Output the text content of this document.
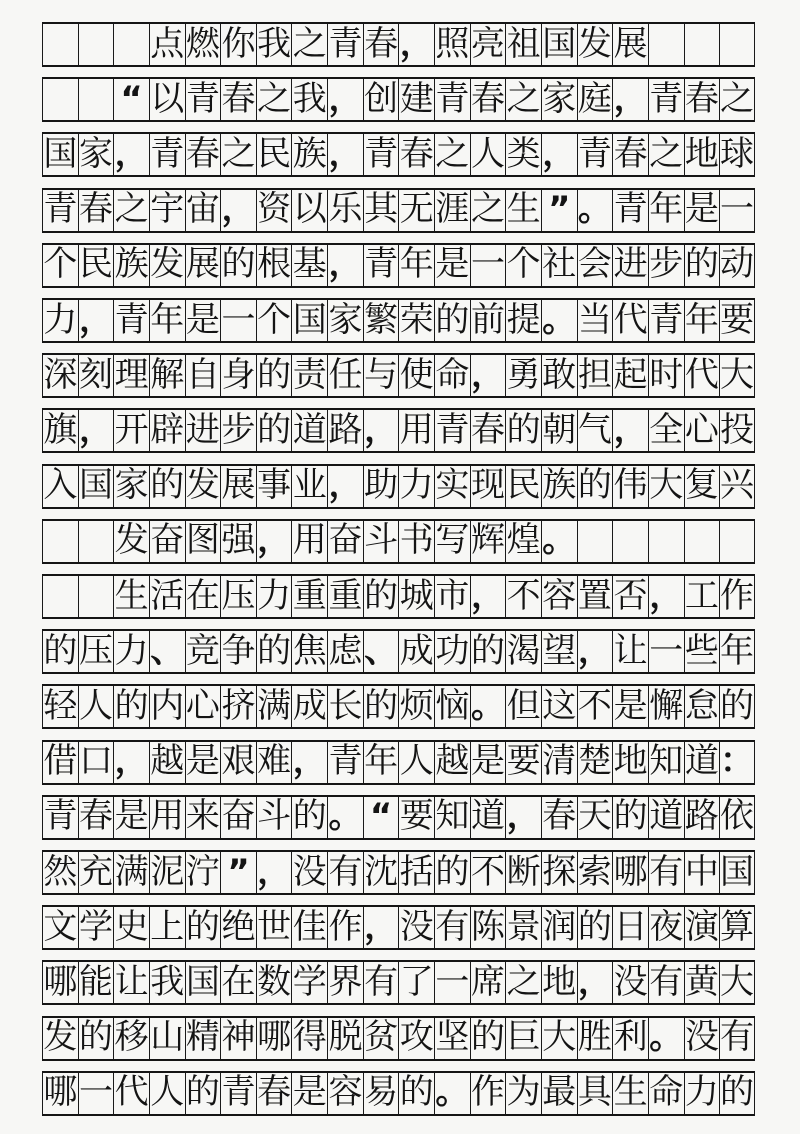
点 燃 你 我 之 青 春 ， 照 亮 祖 国 发 展
“ 以 青 春 之 我 ， 创 建 青 春 之 家 庭 ， 青 春 之
国 家 ， 青 春 之 民 族 ， 青 春 之 人 类 ， 青 春 之 地 球
青 春 之 宇 宙 ， 资 以 乐 其 无 涯 之 生 ” 。 青 年 是 一
个 民 族 发 展 的 根 基 ， 青 年 是 一 个 社 会 进 步 的 动
力 ， 青 年 是 一 个 国 家 繁 荣 的 前 提 。 当 代 青 年 要
深 刻 理 解 自 身 的 责 任 与 使 命 ， 勇 敢 担 起 时 代 大
旗 ， 开 辟 进 步 的 道 路 ， 用 青 春 的 朝 气 ， 全 心 投
入 国 家 的 发 展 事 业 ， 助 力 实 现 民 族 的 伟 大 复 兴
发 奋 图 强 ， 用 奋 斗 书 写 辉 煌 。
生 活 在 压 力 重 重 的 城 市 ， 不 容 置 否 ， 工 作
的 压 力 、 竞 争 的 焦 虑 、 成 功 的 渴 望 ， 让 一 些 年
轻 人 的 内 心 挤 满 成 长 的 烦 恼 。 但 这 不 是 懈 怠 的
借 口 ， 越 是 艰 难 ， 青 年 人 越 是 要 清 楚 地 知 道 ：
青 春 是 用 来 奋 斗 的 。 “ 要 知 道 ， 春 天 的 道 路 依
然 充 满 泥 泞 ” ， 没 有 沈 括 的 不 断 探 索 哪 有 中 国
文 学 史 上 的 绝 世 佳 作 ， 没 有 陈 景 润 的 日 夜 演 算
哪 能 让 我 国 在 数 学 界 有 了 一 席 之 地 ， 没 有 黄 大
发 的 移 山 精 神 哪 得 脱 贫 攻 坚 的 巨 大 胜 利 。 没 有
哪 一 代 人 的 青 春 是 容 易 的 。 作 为 最 具 生 命 力 的
